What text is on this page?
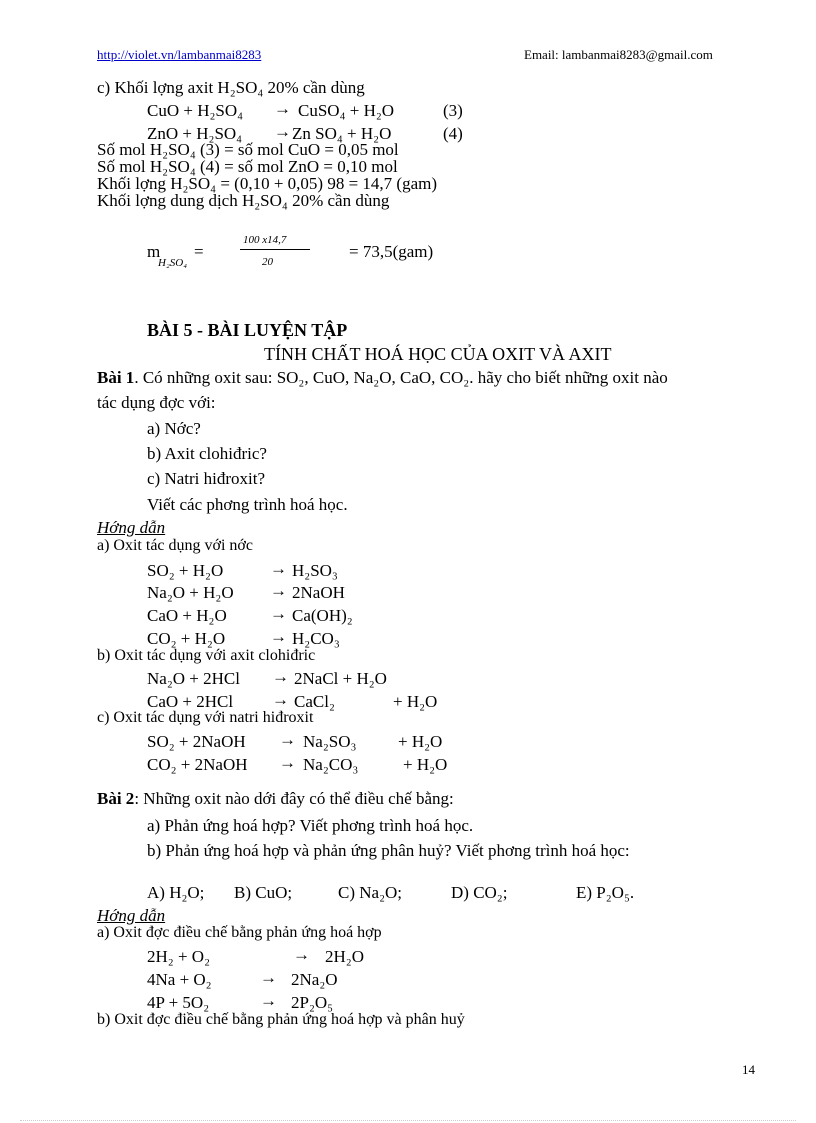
http://violet.vn/lambanmai8283	Email: lambanmai8283@gmail.com
c) Khối lợng axit H₂SO₄ 20% cần dùng
CuO + H₂SO₄ → CuSO₄ + H₂O	(3)
ZnO + H₂SO₄ → Zn SO₄ + H₂O	(4)
Số mol H₂SO₄ (3) = số mol CuO = 0,05 mol
Số mol H₂SO₄ (4) = số mol ZnO = 0,10 mol
Khối lợng H₂SO₄ = (0,10 + 0,05) 98 = 14,7 (gam)
Khối lợng dung dịch H₂SO₄ 20% cần dùng
m
H₂SO₄
=
100 x14,7
20
= 73,5(gam)
BÀI 5 - BÀI LUYỆN TẬP
TÍNH CHẤT HOÁ HỌC CỦA OXIT VÀ AXIT
Bài 1. Có những oxit sau: SO₂, CuO, Na₂O, CaO, CO₂. hãy cho biết những oxit nào
tác dụng đợc với:
a) Nớc?
b) Axit clohiđric?
c) Natri hiđroxit?
Viết các phơng trình hoá học.
Hớng dẫn
a) Oxit tác dụng với nớc
SO₂ + H₂O	→ H₂SO₃
Na₂O + H₂O → 2NaOH
CaO + H₂O	→ Ca(OH)₂
CO₂ + H₂O	→ H₂CO₃
b) Oxit tác dụng với axit clohiđric
Na₂O + 2HCl → 2NaCl + H₂O
CaO + 2HCl → CaCl₂	+ H₂O
c) Oxit tác dụng với natri hiđroxit
SO₂ + 2NaOH → Na₂SO₃ + H₂O
CO₂ + 2NaOH → Na₂CO₃	+ H₂O
Bài 2: Những oxit nào dới đây có thể điều chế bằng:
a) Phản ứng hoá hợp? Viết phơng trình hoá học.
b) Phản ứng hoá hợp và phản ứng phân huỷ? Viết phơng trình hoá học:
A) H₂O; B) CuO;	C) Na₂O;	D) CO₂;	E) P₂O₅.
Hớng dẫn
a) Oxit đợc điều chế bằng phản ứng hoá hợp
2H₂ + O₂	→ 2H₂O
4Na + O₂	→ 2Na₂O
4P + 5O₂	→ 2P₂O₅
b) Oxit đợc điều chế bằng phản ứng hoá hợp và phân huỷ
14
